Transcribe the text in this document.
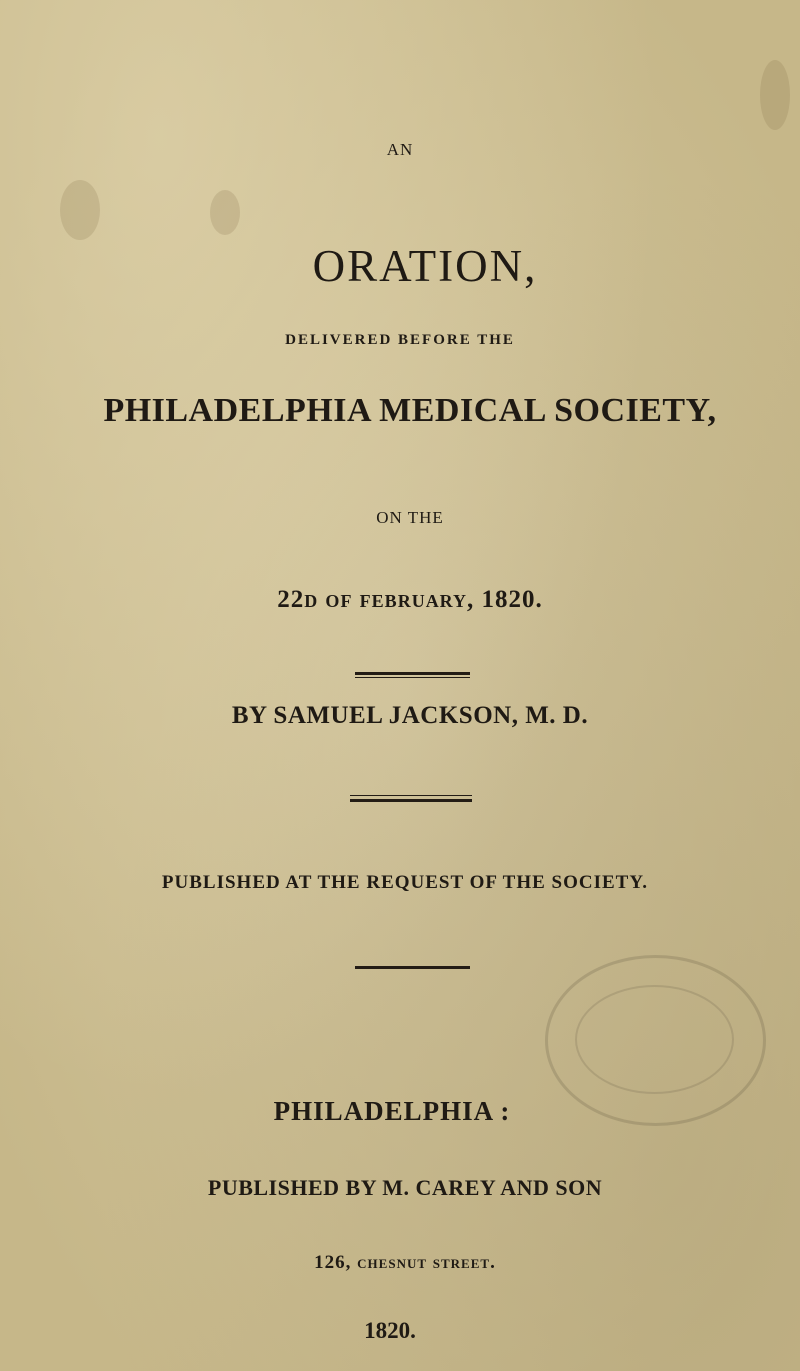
AN
ORATION,
DELIVERED BEFORE THE
PHILADELPHIA MEDICAL SOCIETY,
ON THE
22d of february, 1820.
BY SAMUEL JACKSON, M. D.
PUBLISHED AT THE REQUEST OF THE SOCIETY.
PHILADELPHIA :
PUBLISHED BY M. CAREY AND SON
126, chesnut street.
1820.
